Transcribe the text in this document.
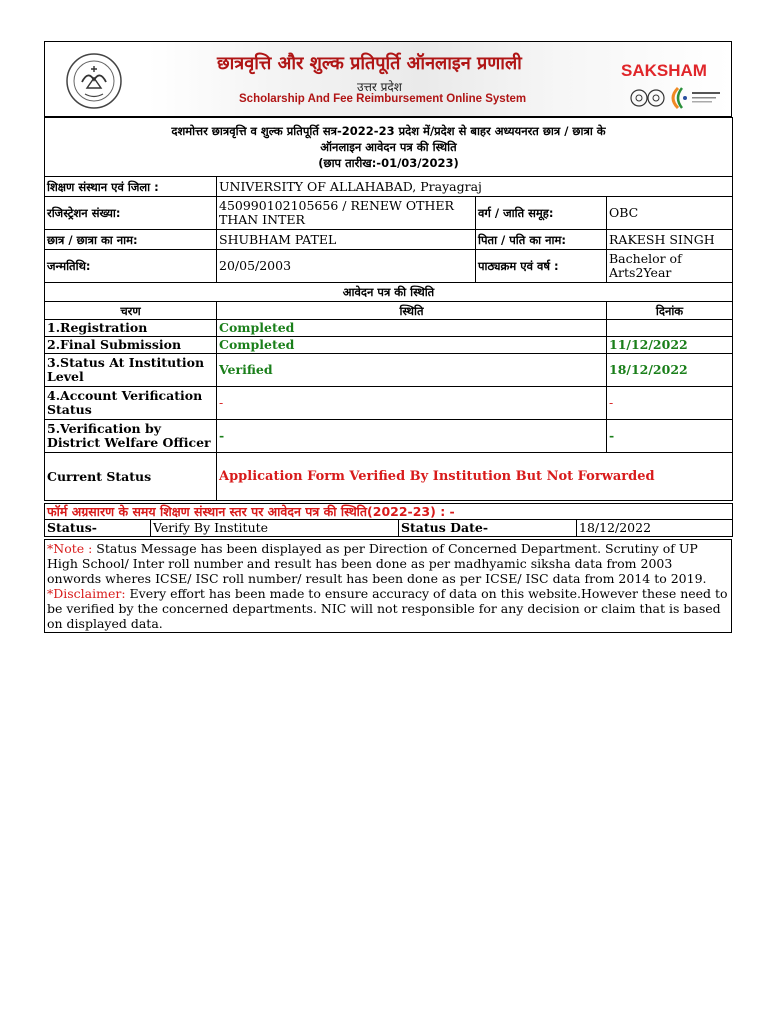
छात्रवृत्ति और शुल्क प्रतिपूर्ति ऑनलाइन प्रणाली
उत्तर प्रदेश
Scholarship And Fee Reimbursement Online System
SAKSHAM
दशमोत्तर छात्रवृत्ति व शुल्क प्रतिपूर्ति सत्र-2022-23 प्रदेश में/प्रदेश से बाहर अध्ययनरत छात्र / छात्रा के
ऑनलाइन आवेदन पत्र की स्थिति
(छाप तारीख:-01/03/2023)			

शिक्षण संस्थान एवं जिला :	UNIVERSITY OF ALLAHABAD, Prayagraj		
रजिस्ट्रेशन संख्या:	450990102105656 / RENEW OTHER THAN INTER	वर्ग / जाति समूह:	OBC
छात्र / छात्रा का नाम:	SHUBHAM PATEL	पिता / पति का नाम:	RAKESH SINGH
जन्मतिथि:	20/05/2003	पाठ्यक्रम एवं वर्ष :	Bachelor of Arts2Year
आवेदन पत्र की स्थिति			
चरण	स्थिति		दिनांक
1.Registration	Completed		
2.Final Submission	Completed		11/12/2022
3.Status At Institution Level	Verified		18/12/2022
4.Account Verification Status	-		-
5.Verification by District Welfare Officer	-		-
Current Status	Application Form Verified By Institution But Not Forwarded		
फॉर्म अग्रसारण के समय शिक्षण संस्थान स्तर पर आवेदन पत्र की स्थिति(2022-23) : -
Status-	Verify By Institute	Status Date-	18/12/2022
*Note : Status Message has been displayed as per Direction of Concerned Department. Scrutiny of UP High School/ Inter roll number and result has been done as per madhyamic siksha data from 2003 onwords wheres ICSE/ ISC roll number/ result has been done as per ICSE/ ISC data from 2014 to 2019.
*Disclaimer: Every effort has been made to ensure accuracy of data on this website.However these need to be verified by the concerned departments. NIC will not responsible for any decision or claim that is based on displayed data.
